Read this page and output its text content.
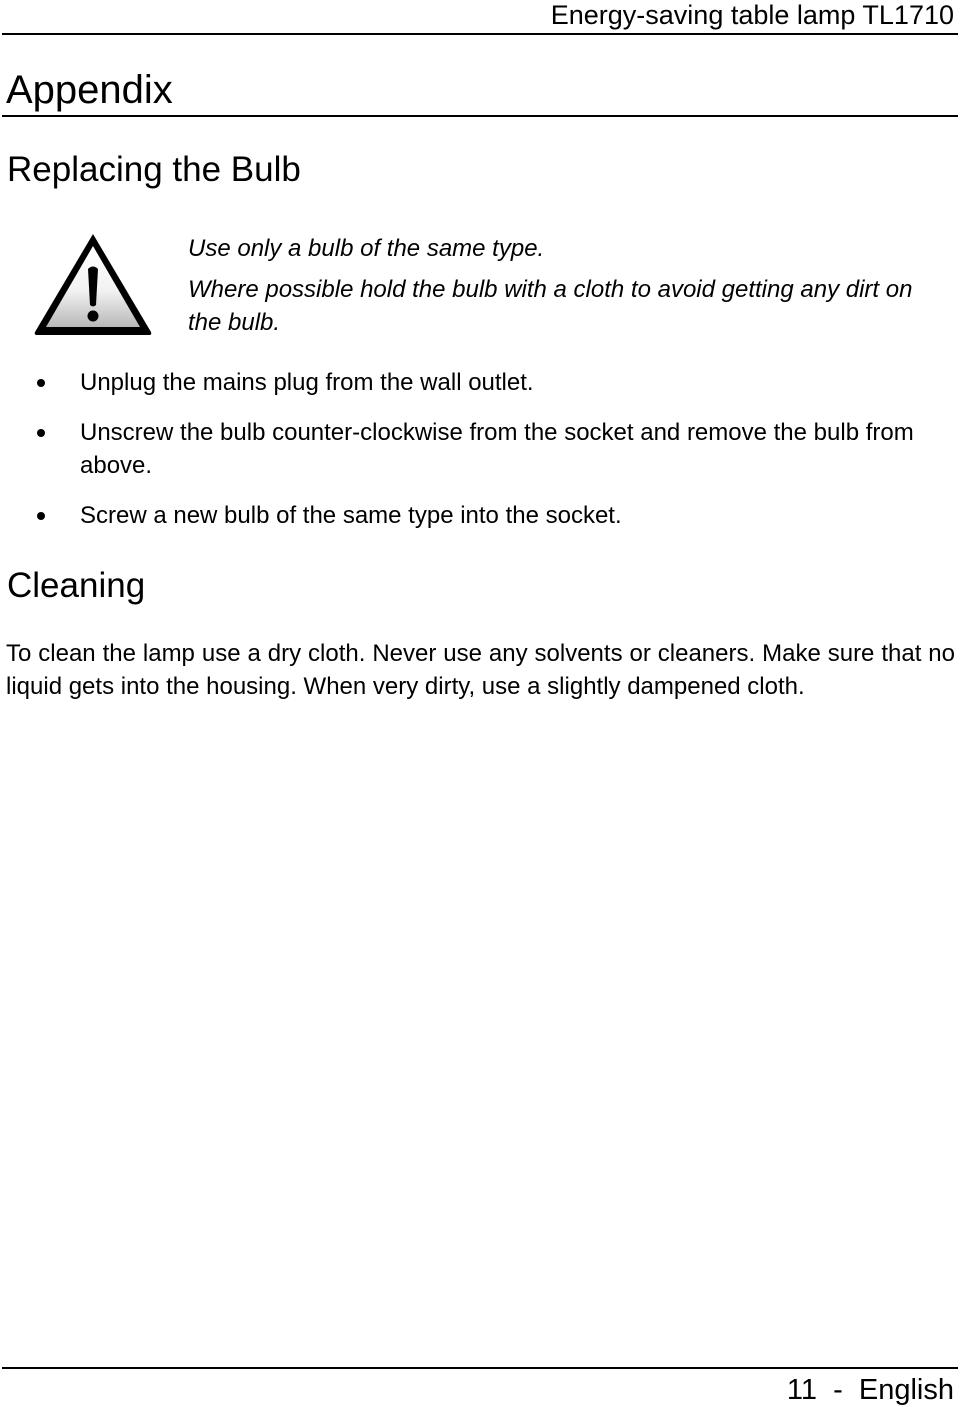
Energy-saving table lamp TL1710
Appendix
Replacing the Bulb
Use only a bulb of the same type.
Where possible hold the bulb with a cloth to avoid getting any dirt on the bulb.
Unplug the mains plug from the wall outlet.
Unscrew the bulb counter-clockwise from the socket and remove the bulb from above.
Screw a new bulb of the same type into the socket.
Cleaning
To clean the lamp use a dry cloth. Never use any solvents or cleaners. Make sure that no liquid gets into the housing. When very dirty, use a slightly dampened cloth.
11  -  English
